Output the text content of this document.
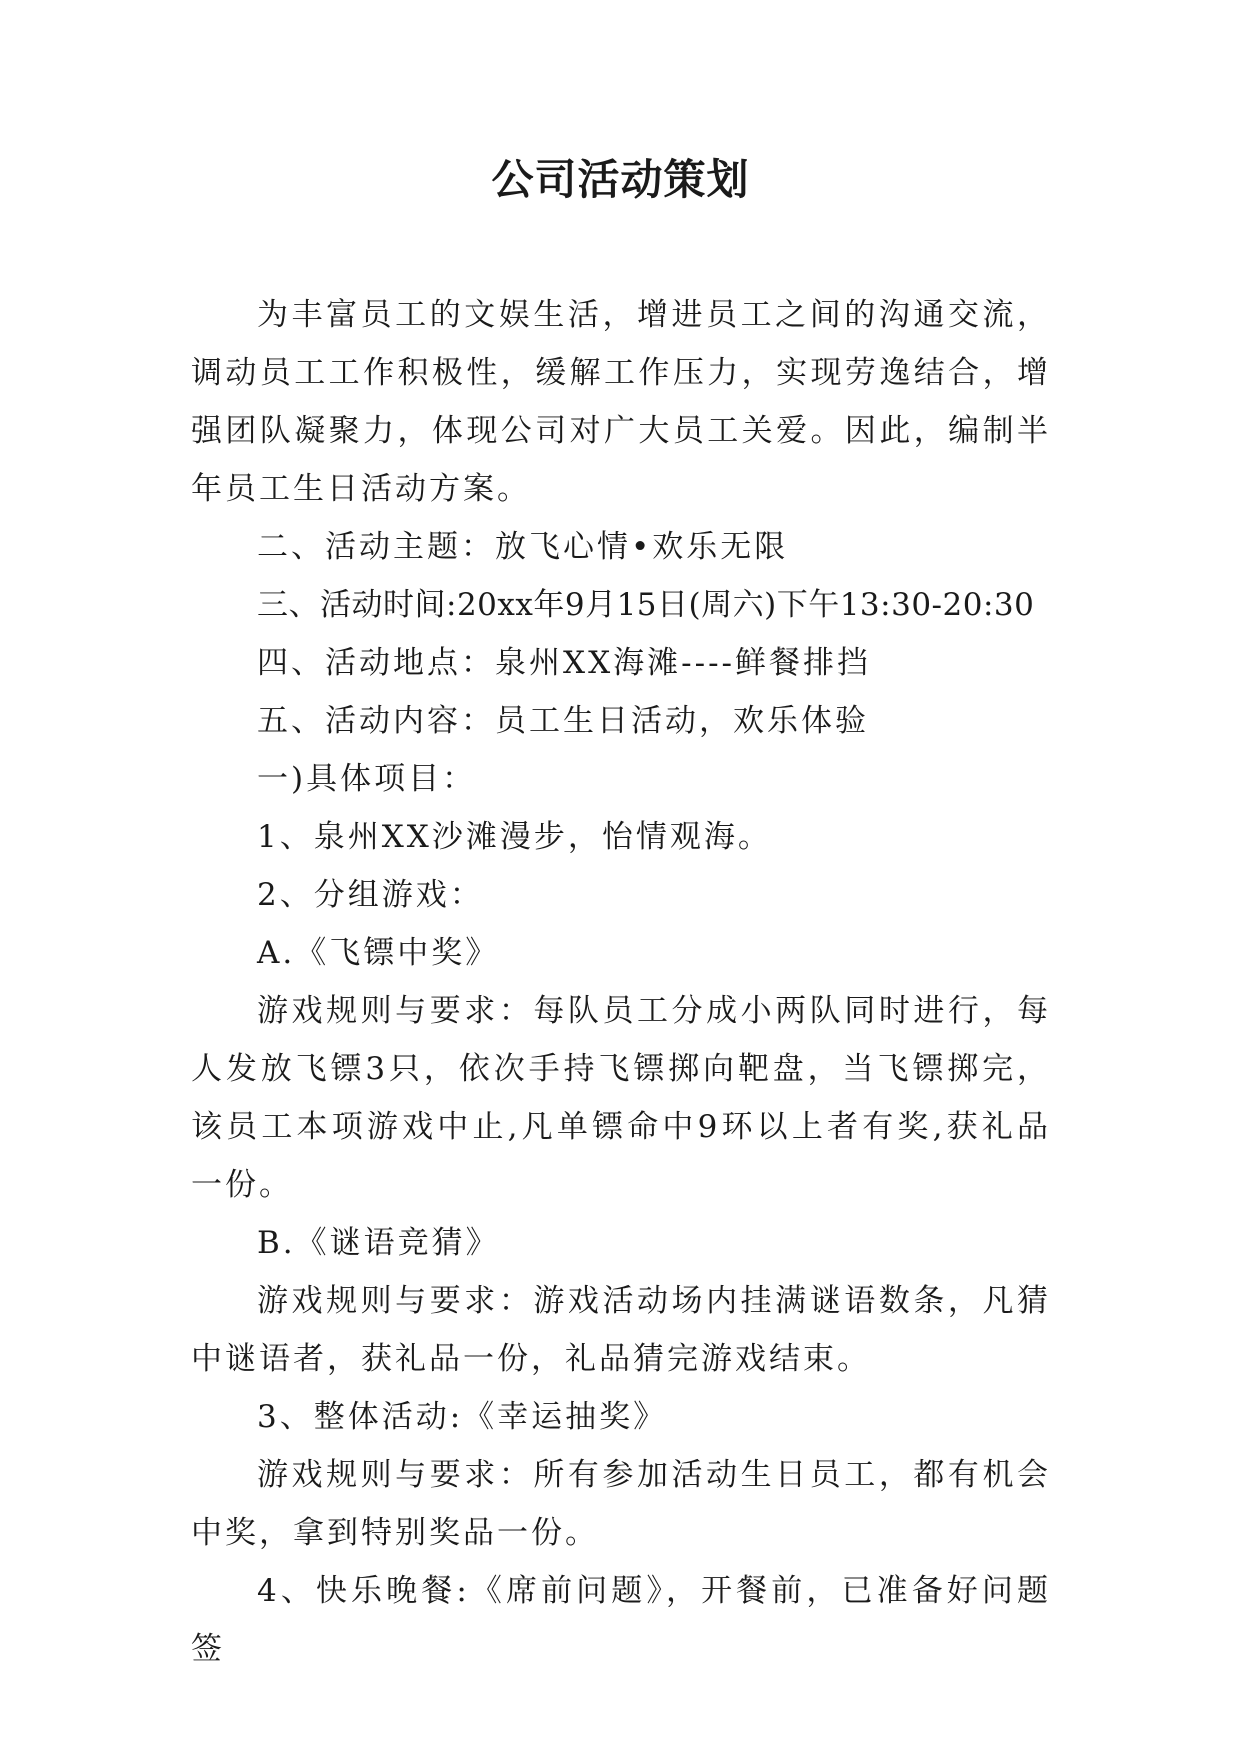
公司活动策划

为丰富员工的文娱生活，增进员工之间的沟通交流，调动员工工作积极性，缓解工作压力，实现劳逸结合，增强团队凝聚力，体现公司对广大员工关爱。因此，编制半年员工生日活动方案。

二、活动主题：放飞心情•欢乐无限

三、活动时间:20xx年9月15日(周六)下午13:30-20:30

四、活动地点：泉州XX海滩----鲜餐排挡

五、活动内容：员工生日活动，欢乐体验

一)具体项目：

1、泉州XX沙滩漫步，怡情观海。

2、分组游戏：

A.《飞镖中奖》

游戏规则与要求：每队员工分成小两队同时进行，每人发放飞镖3只，依次手持飞镖掷向靶盘，当飞镖掷完，该员工本项游戏中止,凡单镖命中9环以上者有奖,获礼品一份。

B.《谜语竞猜》

游戏规则与要求：游戏活动场内挂满谜语数条，凡猜中谜语者，获礼品一份，礼品猜完游戏结束。

3、整体活动:《幸运抽奖》

游戏规则与要求：所有参加活动生日员工，都有机会中奖，拿到特别奖品一份。

4、快乐晚餐:《席前问题》，开餐前，已准备好问题签
